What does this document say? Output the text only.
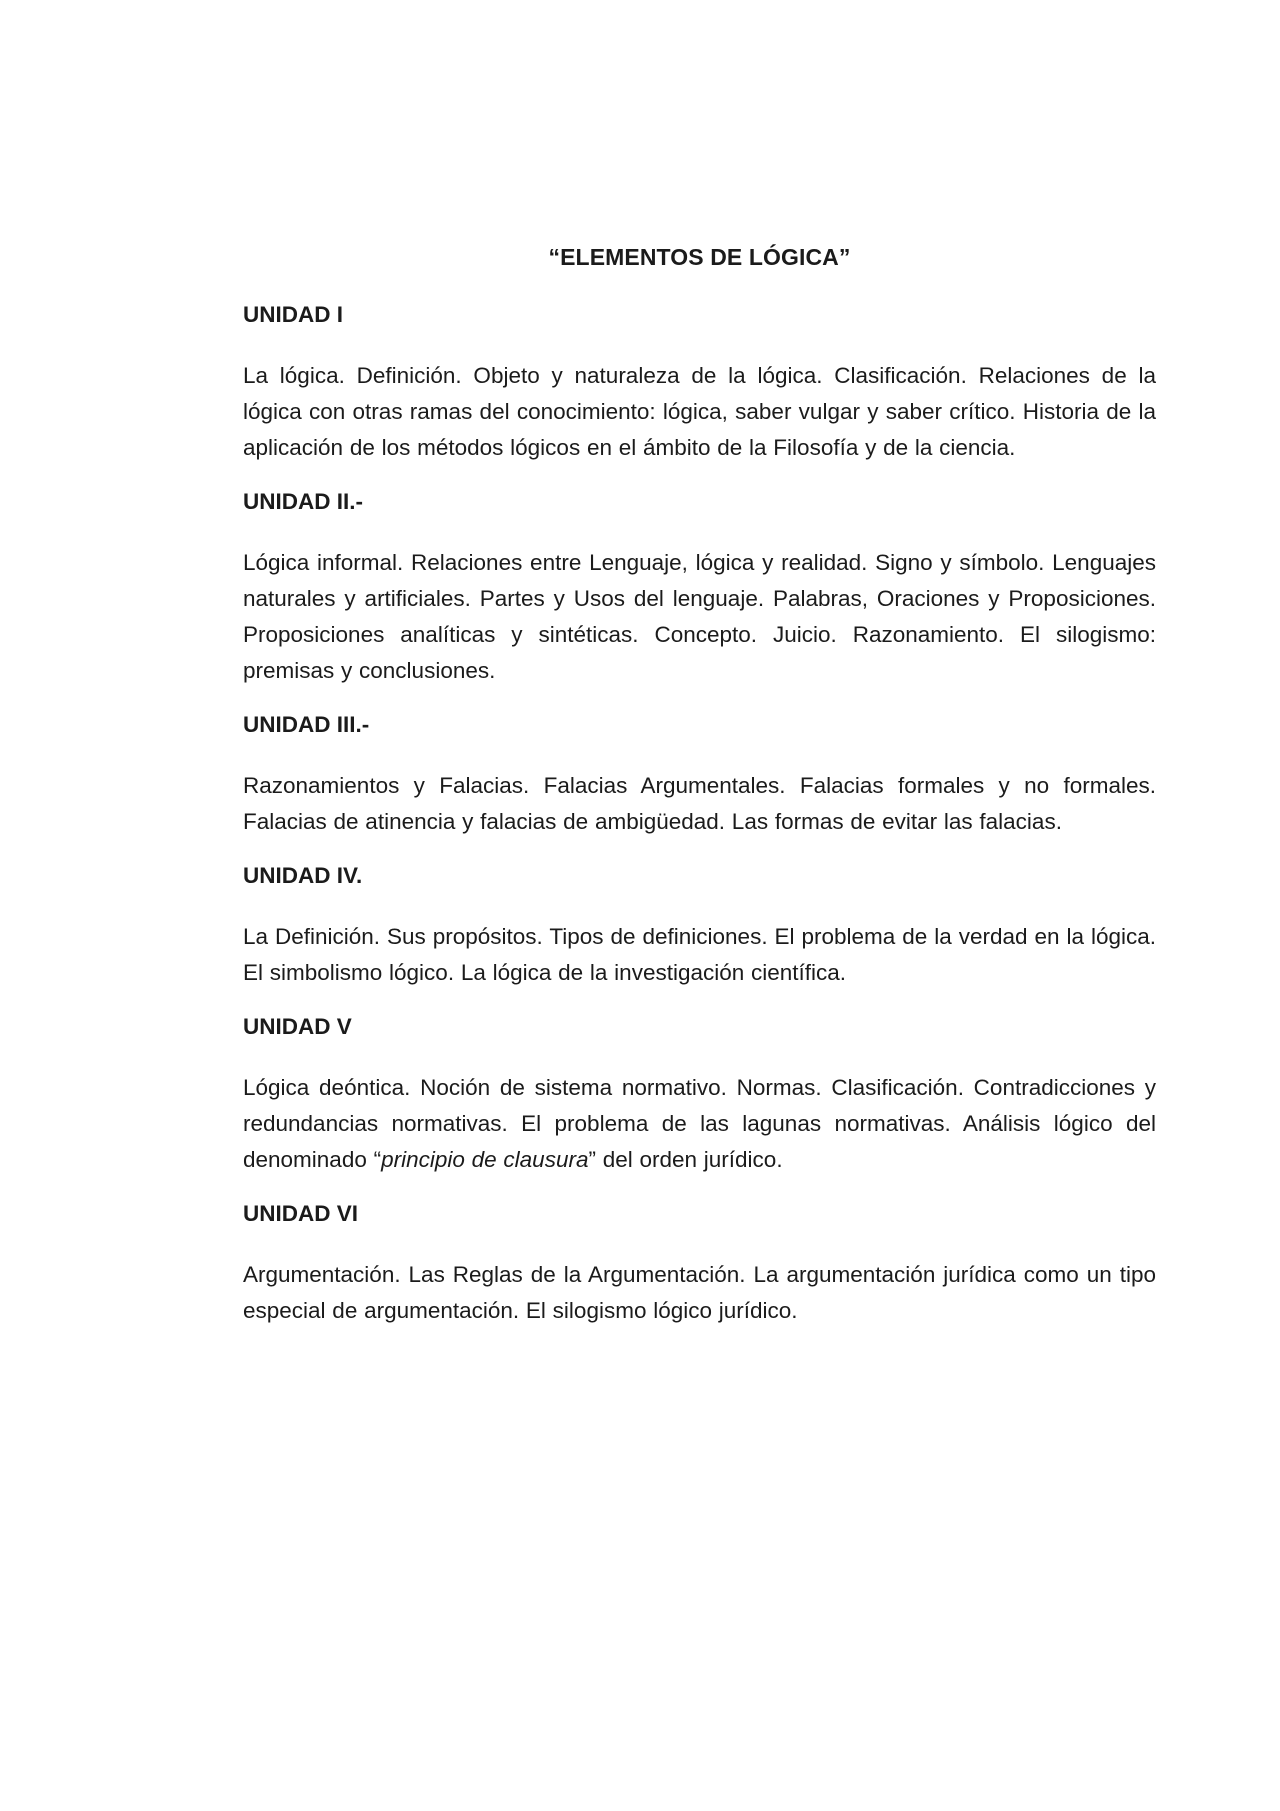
“ELEMENTOS DE LÓGICA”
UNIDAD I

La lógica. Definición. Objeto y naturaleza de la lógica. Clasificación. Relaciones de la lógica con otras ramas del conocimiento: lógica, saber vulgar y saber crítico. Historia de la aplicación de los métodos lógicos en el ámbito de la Filosofía y de la ciencia.

UNIDAD II.-

Lógica informal. Relaciones entre Lenguaje, lógica y realidad. Signo y símbolo. Lenguajes naturales y artificiales. Partes y Usos del lenguaje. Palabras, Oraciones y Proposiciones. Proposiciones analíticas y sintéticas. Concepto. Juicio. Razonamiento. El silogismo: premisas y conclusiones.

UNIDAD III.-

Razonamientos y Falacias. Falacias Argumentales. Falacias formales y no formales. Falacias de atinencia y falacias de ambigüedad. Las formas de evitar las falacias.

UNIDAD IV.

La Definición. Sus propósitos. Tipos de definiciones. El problema de la verdad en la lógica. El simbolismo lógico. La lógica de la investigación científica.

UNIDAD V

Lógica deóntica. Noción de sistema normativo. Normas. Clasificación. Contradicciones y redundancias normativas. El problema de las lagunas normativas. Análisis lógico del denominado “principio de clausura” del orden jurídico.

UNIDAD VI

Argumentación. Las Reglas de la Argumentación. La argumentación jurídica como un tipo especial de argumentación. El silogismo lógico jurídico.
